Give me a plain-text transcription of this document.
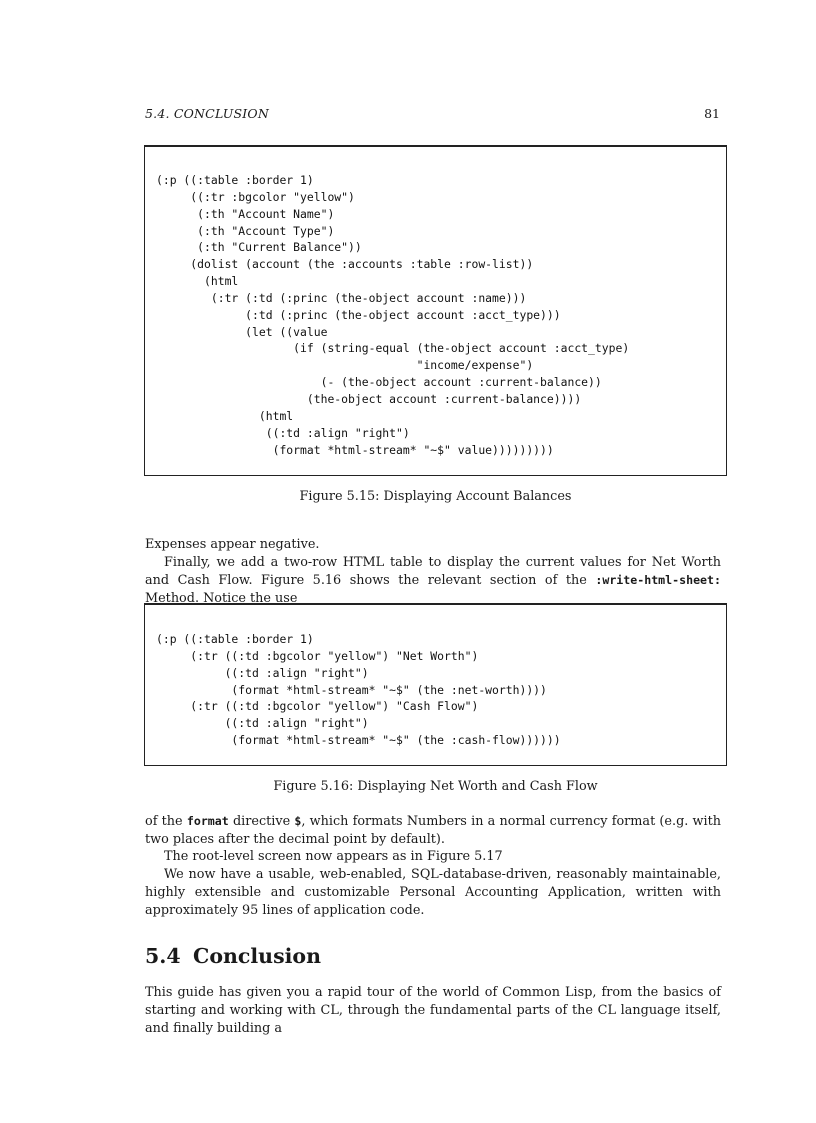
5.4. CONCLUSION	81
(:p ((:table :border 1)
((:tr :bgcolor "yellow")
(:th "Account Name")
(:th "Account Type")
(:th "Current Balance"))
(dolist (account (the :accounts :table :row-list))
(html
(:tr (:td (:princ (the-object account :name)))
(:td (:princ (the-object account :acct_type)))
(let ((value
(if (string-equal (the-object account :acct_type)
"income/expense")
(- (the-object account :current-balance))
(the-object account :current-balance))))
(html
((:td :align "right")
(format *html-stream* "~$" value)))))))))
Figure 5.15: Displaying Account Balances

Expenses appear negative.

Finally, we add a two-row HTML table to display the current values for Net Worth and Cash Flow. Figure 5.16 shows the relevant section of the :write-html-sheet: Method. Notice the use

(:p ((:table :border 1)
(:tr ((:td :bgcolor "yellow") "Net Worth")
((:td :align "right")
(format *html-stream* "~$" (the :net-worth))))
(:tr ((:td :bgcolor "yellow") "Cash Flow")
((:td :align "right")
(format *html-stream* "~$" (the :cash-flow))))))
Figure 5.16: Displaying Net Worth and Cash Flow

of the format directive $, which formats Numbers in a normal currency format (e.g. with two places after the decimal point by default).

The root-level screen now appears as in Figure 5.17

We now have a usable, web-enabled, SQL-database-driven, reasonably maintainable, highly extensible and customizable Personal Accounting Application, written with approximately 95 lines of application code.

5.4 Conclusion

This guide has given you a rapid tour of the world of Common Lisp, from the basics of starting and working with CL, through the fundamental parts of the CL language itself, and finally building a
